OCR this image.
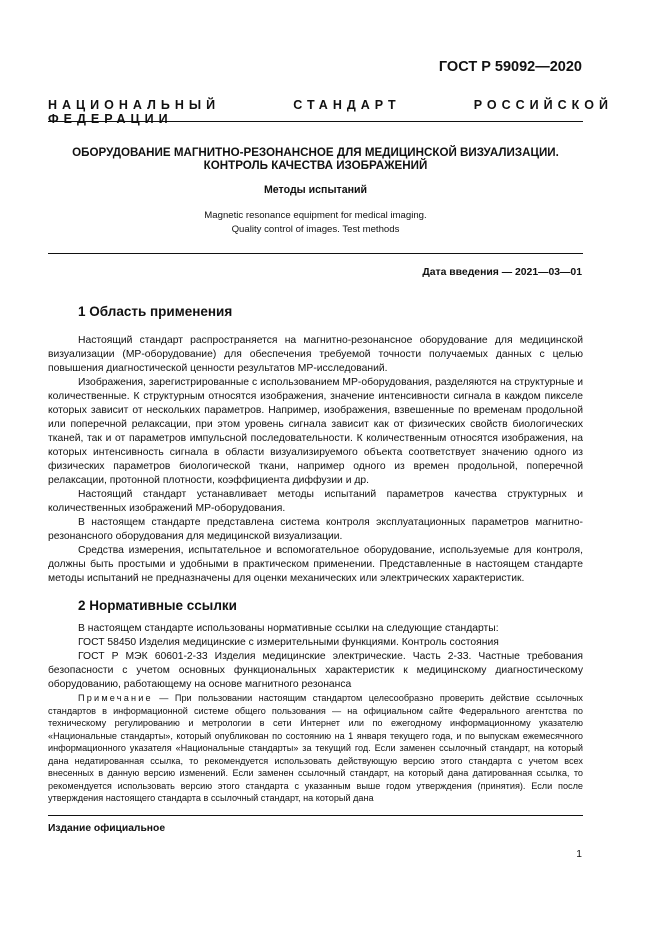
ГОСТ Р 59092—2020
НАЦИОНАЛЬНЫЙ СТАНДАРТ РОССИЙСКОЙ ФЕДЕРАЦИИ
ОБОРУДОВАНИЕ МАГНИТНО-РЕЗОНАНСНОЕ ДЛЯ МЕДИЦИНСКОЙ ВИЗУАЛИЗАЦИИ.
КОНТРОЛЬ КАЧЕСТВА ИЗОБРАЖЕНИЙ
Методы испытаний
Magnetic resonance equipment for medical imaging.
Quality control of images. Test methods
Дата введения — 2021—03—01
1 Область применения

Настоящий стандарт распространяется на магнитно-резонансное оборудование для медицинской визуализации (МР-оборудование) для обеспечения требуемой точности получаемых данных с целью повышения диагностической ценности результатов МР-исследований.

Изображения, зарегистрированные с использованием МР-оборудования, разделяются на структурные и количественные. К структурным относятся изображения, значение интенсивности сигнала в каждом пикселе которых зависит от нескольких параметров. Например, изображения, взвешенные по временам продольной или поперечной релаксации, при этом уровень сигнала зависит как от физических свойств биологических тканей, так и от параметров импульсной последовательности. К количественным относятся изображения, на которых интенсивность сигнала в области визуализируемого объекта соответствует значению одного из физических параметров биологической ткани, например одного из времен продольной, поперечной релаксации, протонной плотности, коэффициента диффузии и др.

Настоящий стандарт устанавливает методы испытаний параметров качества структурных и количественных изображений МР-оборудования.

В настоящем стандарте представлена система контроля эксплуатационных параметров магнитно-резонансного оборудования для медицинской визуализации.

Средства измерения, испытательное и вспомогательное оборудование, используемые для контроля, должны быть простыми и удобными в практическом применении. Представленные в настоящем стандарте методы испытаний не предназначены для оценки механических или электрических характеристик.

2 Нормативные ссылки

В настоящем стандарте использованы нормативные ссылки на следующие стандарты:

ГОСТ 58450 Изделия медицинские с измерительными функциями. Контроль состояния

ГОСТ Р МЭК 60601-2-33 Изделия медицинские электрические. Часть 2-33. Частные требования безопасности с учетом основных функциональных характеристик к медицинскому диагностическому оборудованию, работающему на основе магнитного резонанса

Примечание — При пользовании настоящим стандартом целесообразно проверить действие ссылочных стандартов в информационной системе общего пользования — на официальном сайте Федерального агентства по техническому регулированию и метрологии в сети Интернет или по ежегодному информационному указателю «Национальные стандарты», который опубликован по состоянию на 1 января текущего года, и по выпускам ежемесячного информационного указателя «Национальные стандарты» за текущий год. Если заменен ссылочный стандарт, на который дана недатированная ссылка, то рекомендуется использовать действующую версию этого стандарта с учетом всех внесенных в данную версию изменений. Если заменен ссылочный стандарт, на который дана датированная ссылка, то рекомендуется использовать версию этого стандарта с указанным выше годом утверждения (принятия). Если после утверждения настоящего стандарта в ссылочный стандарт, на который дана

Издание официальное
1
